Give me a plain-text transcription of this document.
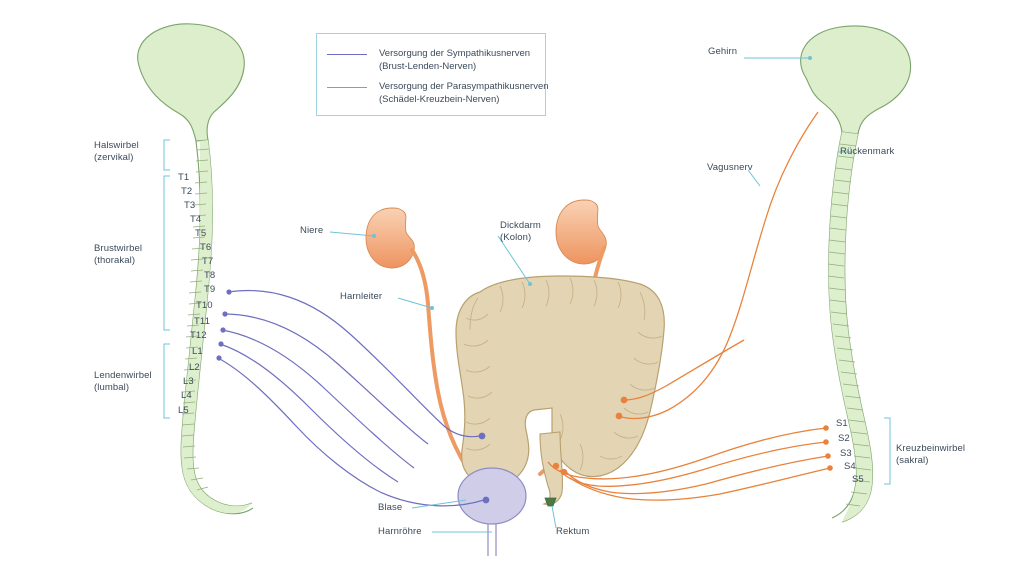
Versorgung der Sympathikusnerven
(Brust-Lenden-Nerven)
Versorgung der Parasympathikusnerven
(Schädel-Kreuzbein-Nerven)
Halswirbel
(zervikal)
Brustwirbel
(thorakal)
Lendenwirbel
(lumbal)
Kreuzbeinwirbel
(sakral)
T1
T2
T3
T4
T5
T6
T7
T8
T9
T10
T11
T12
L1
L2
L3
L4
L5
S1
S2
S3
S4
S5
Gehirn
Rückenmark
Vagusnerv
Niere
Harnleiter
Dickdarm
(Kolon)
Blase
Harnröhre	Rektum
